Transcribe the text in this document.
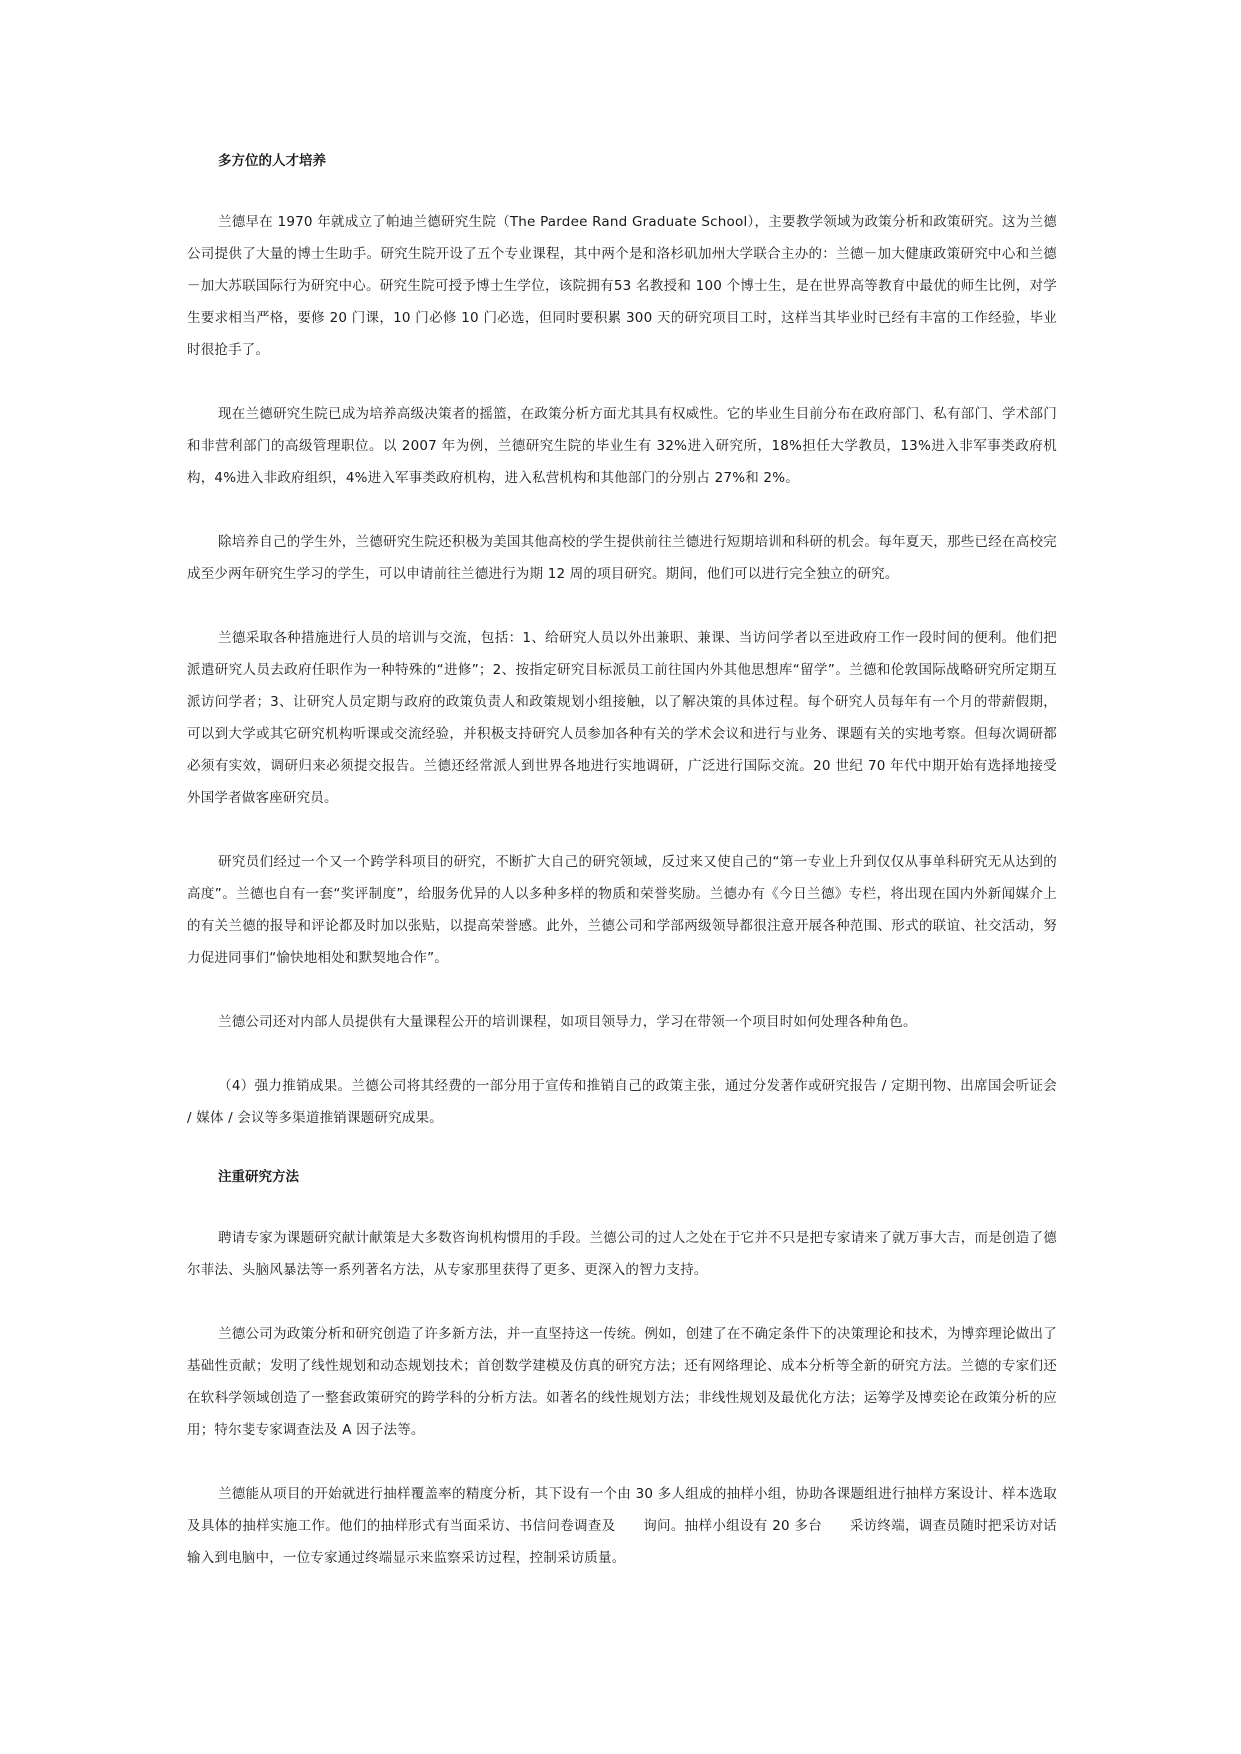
多方位的人才培养

兰德早在 1970 年就成立了帕迪兰德研究生院（The Pardee Rand Graduate School），主要教学领域为政策分析和政策研究。这为兰德公司提供了大量的博士生助手。研究生院开设了五个专业课程，其中两个是和洛杉矶加州大学联合主办的：兰德－加大健康政策研究中心和兰德－加大苏联国际行为研究中心。研究生院可授予博士生学位，该院拥有53 名教授和 100 个博士生，是在世界高等教育中最优的师生比例，对学生要求相当严格，要修 20 门课，10 门必修 10 门必选，但同时要积累 300 天的研究项目工时，这样当其毕业时已经有丰富的工作经验，毕业时很抢手了。

现在兰德研究生院已成为培养高级决策者的摇篮，在政策分析方面尤其具有权威性。它的毕业生目前分布在政府部门、私有部门、学术部门和非营利部门的高级管理职位。以 2007 年为例，兰德研究生院的毕业生有 32%进入研究所，18%担任大学教员，13%进入非军事类政府机构，4%进入非政府组织，4%进入军事类政府机构，进入私营机构和其他部门的分别占 27%和 2%。

除培养自己的学生外，兰德研究生院还积极为美国其他高校的学生提供前往兰德进行短期培训和科研的机会。每年夏天，那些已经在高校完成至少两年研究生学习的学生，可以申请前往兰德进行为期 12 周的项目研究。期间，他们可以进行完全独立的研究。

兰德采取各种措施进行人员的培训与交流，包括：1、给研究人员以外出兼职、兼课、当访问学者以至进政府工作一段时间的便利。他们把派遣研究人员去政府任职作为一种特殊的“进修”；2、按指定研究目标派员工前往国内外其他思想库“留学”。兰德和伦敦国际战略研究所定期互派访问学者；3、让研究人员定期与政府的政策负责人和政策规划小组接触，以了解决策的具体过程。每个研究人员每年有一个月的带薪假期，可以到大学或其它研究机构听课或交流经验，并积极支持研究人员参加各种有关的学术会议和进行与业务、课题有关的实地考察。但每次调研都必须有实效，调研归来必须提交报告。兰德还经常派人到世界各地进行实地调研，广泛进行国际交流。20 世纪 70 年代中期开始有选择地接受外国学者做客座研究员。

研究员们经过一个又一个跨学科项目的研究，不断扩大自己的研究领域，反过来又使自己的“第一专业上升到仅仅从事单科研究无从达到的高度”。兰德也自有一套“奖评制度”，给服务优异的人以多种多样的物质和荣誉奖励。兰德办有《今日兰德》专栏，将出现在国内外新闻媒介上的有关兰德的报导和评论都及时加以张贴，以提高荣誉感。此外，兰德公司和学部两级领导都很注意开展各种范围、形式的联谊、社交活动，努力促进同事们“愉快地相处和默契地合作”。

兰德公司还对内部人员提供有大量课程公开的培训课程，如项目领导力，学习在带领一个项目时如何处理各种角色。

（4）强力推销成果。兰德公司将其经费的一部分用于宣传和推销自己的政策主张，通过分发著作或研究报告 / 定期刊物、出席国会听证会 / 媒体 / 会议等多渠道推销课题研究成果。

注重研究方法

聘请专家为课题研究献计献策是大多数咨询机构惯用的手段。兰德公司的过人之处在于它并不只是把专家请来了就万事大吉，而是创造了德尔菲法、头脑风暴法等一系列著名方法，从专家那里获得了更多、更深入的智力支持。

兰德公司为政策分析和研究创造了许多新方法，并一直坚持这一传统。例如，创建了在不确定条件下的决策理论和技术，为博弈理论做出了基础性贡献；发明了线性规划和动态规划技术；首创数学建模及仿真的研究方法；还有网络理论、成本分析等全新的研究方法。兰德的专家们还在软科学领域创造了一整套政策研究的跨学科的分析方法。如著名的线性规划方法；非线性规划及最优化方法；运筹学及博奕论在政策分析的应用；特尔斐专家调查法及 A 因子法等。

兰德能从项目的开始就进行抽样覆盖率的精度分析，其下设有一个由 30 多人组成的抽样小组，协助各课题组进行抽样方案设计、样本选取及具体的抽样实施工作。他们的抽样形式有当面采访、书信问卷调查及      询问。抽样小组设有 20 多台      采访终端，调查员随时把采访对话输入到电脑中，一位专家通过终端显示来监察采访过程，控制采访质量。
